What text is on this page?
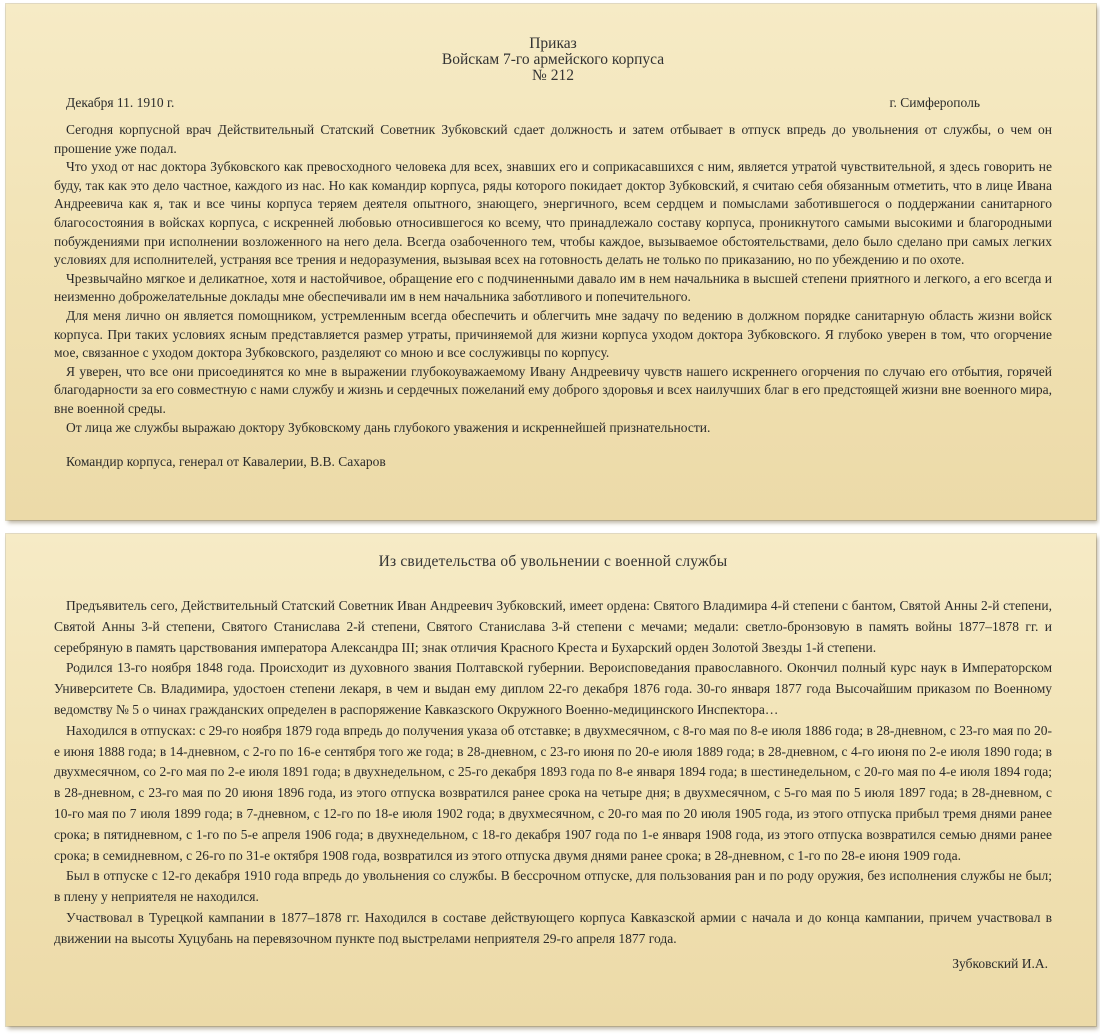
Приказ
Войскам 7-го армейского корпуса
№ 212
Декабря 11. 1910 г.	г. Симферополь

Сегодня корпусной врач Действительный Статский Советник Зубковский сдает должность и затем отбывает в отпуск впредь до увольнения от службы, о чем он прошение уже подал.

Что уход от нас доктора Зубковского как превосходного человека для всех, знавших его и соприкасавшихся с ним, является утратой чувствительной, я здесь говорить не буду, так как это дело частное, каждого из нас. Но как командир корпуса, ряды которого покидает доктор Зубковский, я считаю себя обязанным отметить, что в лице Ивана Андреевича как я, так и все чины корпуса теряем деятеля опытного, знающего, энергичного, всем сердцем и помыслами заботившегося о поддержании санитарного благосостояния в войсках корпуса, с искренней любовью относившегося ко всему, что принадлежало составу корпуса, проникнутого самыми высокими и благородными побуждениями при исполнении возложенного на него дела. Всегда озабоченного тем, чтобы каждое, вызываемое обстоятельствами, дело было сделано при самых легких условиях для исполнителей, устраняя все трения и недоразумения, вызывая всех на готовность делать не только по приказанию, но по убеждению и по охоте.

Чрезвычайно мягкое и деликатное, хотя и настойчивое, обращение его с подчиненными давало им в нем начальника в высшей степени приятного и легкого, а его всегда и неизменно доброжелательные доклады мне обеспечивали им в нем начальника заботливого и попечительного.

Для меня лично он является помощником, устремленным всегда обеспечить и облегчить мне задачу по ведению в должном порядке санитарную область жизни войск корпуса. При таких условиях ясным представляется размер утраты, причиняемой для жизни корпуса уходом доктора Зубковского. Я глубоко уверен в том, что огорчение мое, связанное с уходом доктора Зубковского, разделяют со мною и все сослуживцы по корпусу.

Я уверен, что все они присоединятся ко мне в выражении глубокоуважаемому Ивану Андреевичу чувств нашего искреннего огорчения по случаю его отбытия, горячей благодарности за его совместную с нами службу и жизнь и сердечных пожеланий ему доброго здоровья и всех наилучших благ в его предстоящей жизни вне военного мира, вне военной среды.

От лица же службы выражаю доктору Зубковскому дань глубокого уважения и искреннейшей признательности.

Командир корпуса, генерал от Кавалерии, В.В. Сахаров
Из свидетельства об увольнении с военной службы

Предъявитель сего, Действительный Статский Советник Иван Андреевич Зубковский, имеет ордена: Святого Владимира 4-й степени с бантом, Святой Анны 2-й степени, Святой Анны 3-й степени, Святого Станислава 2-й степени, Святого Станислава 3-й степени с мечами; медали: светло-бронзовую в память войны 1877–1878 гг. и серебряную в память царствования императора Александра III; знак отличия Красного Креста и Бухарский орден Золотой Звезды 1-й степени.

Родился 13-го ноября 1848 года. Происходит из духовного звания Полтавской губернии. Вероисповедания православного. Окончил полный курс наук в Императорском Университете Св. Владимира, удостоен степени лекаря, в чем и выдан ему диплом 22-го декабря 1876 года. 30-го января 1877 года Высочайшим приказом по Военному ведомству № 5 о чинах гражданских определен в распоряжение Кавказского Окружного Военно-медицинского Инспектора…

Находился в отпусках: с 29-го ноября 1879 года впредь до получения указа об отставке; в двухмесячном, с 8-го мая по 8-е июля 1886 года; в 28-дневном, с 23-го мая по 20-е июня 1888 года; в 14-дневном, с 2-го по 16-е сентября того же года; в 28-дневном, с 23-го июня по 20-е июля 1889 года; в 28-дневном, с 4-го июня по 2-е июля 1890 года; в двухмесячном, со 2-го мая по 2-е июля 1891 года; в двухнедельном, с 25-го декабря 1893 года по 8-е января 1894 года; в шестинедельном, с 20-го мая по 4-е июля 1894 года; в 28-дневном, с 23-го мая по 20 июня 1896 года, из этого отпуска возвратился ранее срока на четыре дня; в двухмесячном, с 5-го мая по 5 июля 1897 года; в 28-дневном, с 10-го мая по 7 июля 1899 года; в 7-дневном, с 12-го по 18-е июля 1902 года; в двухмесячном, с 20-го мая по 20 июля 1905 года, из этого отпуска прибыл тремя днями ранее срока; в пятидневном, с 1-го по 5-е апреля 1906 года; в двухнедельном, с 18-го декабря 1907 года по 1-е января 1908 года, из этого отпуска возвратился семью днями ранее срока; в семидневном, с 26-го по 31-е октября 1908 года, возвратился из этого отпуска двумя днями ранее срока; в 28-дневном, с 1-го по 28-е июня 1909 года.

Был в отпуске с 12-го декабря 1910 года впредь до увольнения со службы. В бессрочном отпуске, для пользования ран и по роду оружия, без исполнения службы не был; в плену у неприятеля не находился.

Участвовал в Турецкой кампании в 1877–1878 гг. Находился в составе действующего корпуса Кавказской армии с начала и до конца кампании, причем участвовал в движении на высоты Хуцубань на перевязочном пункте под выстрелами неприятеля 29-го апреля 1877 года.

Зубковский И.А.
